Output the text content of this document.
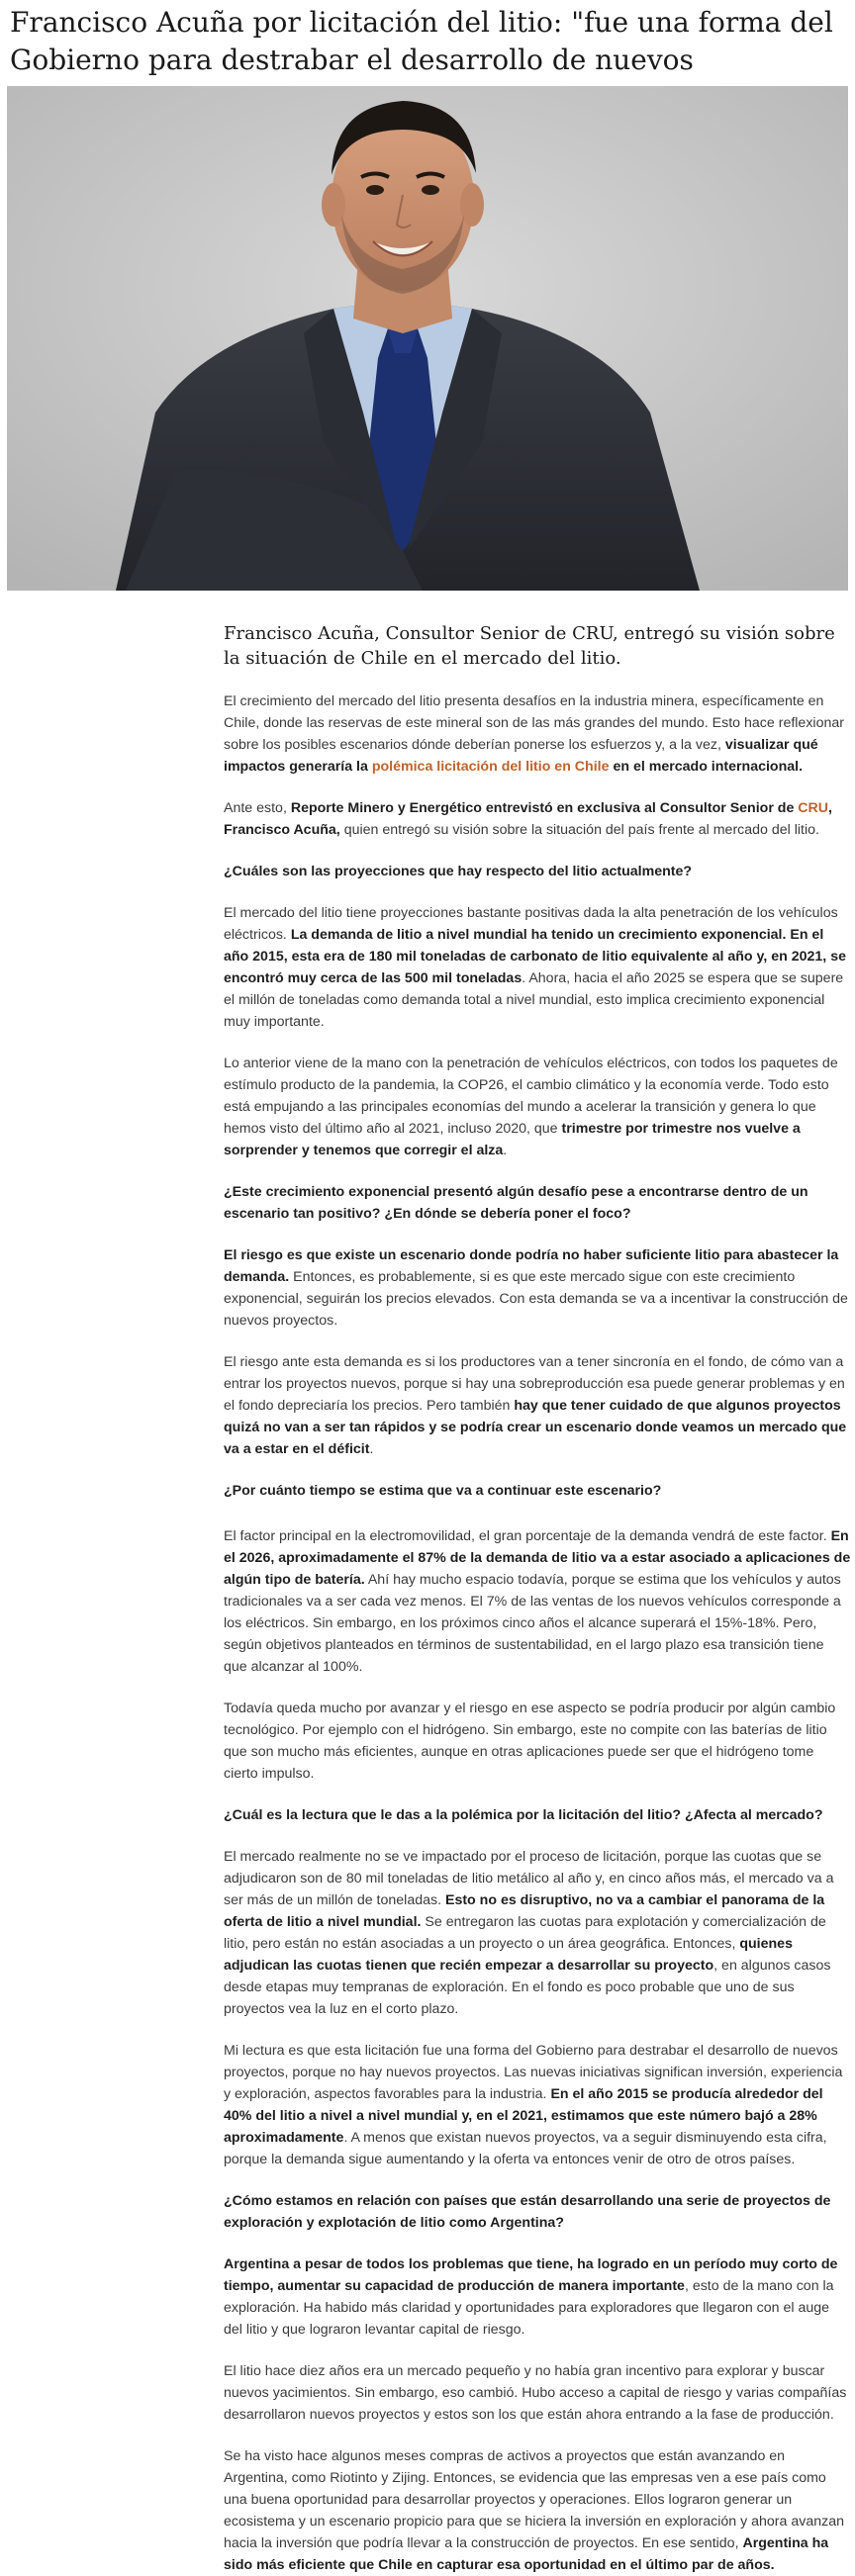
Francisco Acuña por licitación del litio: "fue una forma del Gobierno para destrabar el desarrollo de nuevos

Francisco Acuña, Consultor Senior de CRU, entregó su visión sobre la situación de Chile en el mercado del litio.

El crecimiento del mercado del litio presenta desafíos en la industria minera, específicamente en Chile, donde las reservas de este mineral son de las más grandes del mundo. Esto hace reflexionar sobre los posibles escenarios dónde deberían ponerse los esfuerzos y, a la vez, visualizar qué impactos generaría la polémica licitación del litio en Chile en el mercado internacional.

Ante esto, Reporte Minero y Energético entrevistó en exclusiva al Consultor Senior de CRU, Francisco Acuña, quien entregó su visión sobre la situación del país frente al mercado del litio.

¿Cuáles son las proyecciones que hay respecto del litio actualmente?

El mercado del litio tiene proyecciones bastante positivas dada la alta penetración de los vehículos eléctricos. La demanda de litio a nivel mundial ha tenido un crecimiento exponencial. En el año 2015, esta era de 180 mil toneladas de carbonato de litio equivalente al año y, en 2021, se encontró muy cerca de las 500 mil toneladas. Ahora, hacia el año 2025 se espera que se supere el millón de toneladas como demanda total a nivel mundial, esto implica crecimiento exponencial muy importante.

Lo anterior viene de la mano con la penetración de vehículos eléctricos, con todos los paquetes de estímulo producto de la pandemia, la COP26, el cambio climático y la economía verde. Todo esto está empujando a las principales economías del mundo a acelerar la transición y genera lo que hemos visto del último año al 2021, incluso 2020, que trimestre por trimestre nos vuelve a sorprender y tenemos que corregir el alza.

¿Este crecimiento exponencial presentó algún desafío pese a encontrarse dentro de un escenario tan positivo? ¿En dónde se debería poner el foco?

El riesgo es que existe un escenario donde podría no haber suficiente litio para abastecer la demanda. Entonces, es probablemente, si es que este mercado sigue con este crecimiento exponencial, seguirán los precios elevados. Con esta demanda se va a incentivar la construcción de nuevos proyectos.

El riesgo ante esta demanda es si los productores van a tener sincronía en el fondo, de cómo van a entrar los proyectos nuevos, porque si hay una sobreproducción esa puede generar problemas y en el fondo depreciaría los precios. Pero también hay que tener cuidado de que algunos proyectos quizá no van a ser tan rápidos y se podría crear un escenario donde veamos un mercado que va a estar en el déficit.

¿Por cuánto tiempo se estima que va a continuar este escenario?

El factor principal en la electromovilidad, el gran porcentaje de la demanda vendrá de este factor. En el 2026, aproximadamente el 87% de la demanda de litio va a estar asociado a aplicaciones de algún tipo de batería. Ahí hay mucho espacio todavía, porque se estima que los vehículos y autos tradicionales va a ser cada vez menos. El 7% de las ventas de los nuevos vehículos corresponde a los eléctricos. Sin embargo, en los próximos cinco años el alcance superará el 15%-18%. Pero, según objetivos planteados en términos de sustentabilidad, en el largo plazo esa transición tiene que alcanzar al 100%.

Todavía queda mucho por avanzar y el riesgo en ese aspecto se podría producir por algún cambio tecnológico. Por ejemplo con el hidrógeno. Sin embargo, este no compite con las baterías de litio que son mucho más eficientes, aunque en otras aplicaciones puede ser que el hidrógeno tome cierto impulso.

¿Cuál es la lectura que le das a la polémica por la licitación del litio? ¿Afecta al mercado?

El mercado realmente no se ve impactado por el proceso de licitación, porque las cuotas que se adjudicaron son de 80 mil toneladas de litio metálico al año y, en cinco años más, el mercado va a ser más de un millón de toneladas. Esto no es disruptivo, no va a cambiar el panorama de la oferta de litio a nivel mundial. Se entregaron las cuotas para explotación y comercialización de litio, pero están no están asociadas a un proyecto o un área geográfica. Entonces, quienes adjudican las cuotas tienen que recién empezar a desarrollar su proyecto, en algunos casos desde etapas muy tempranas de exploración. En el fondo es poco probable que uno de sus proyectos vea la luz en el corto plazo.

Mi lectura es que esta licitación fue una forma del Gobierno para destrabar el desarrollo de nuevos proyectos, porque no hay nuevos proyectos. Las nuevas iniciativas significan inversión, experiencia y exploración, aspectos favorables para la industria. En el año 2015 se producía alrededor del 40% del litio a nivel a nivel mundial y, en el 2021, estimamos que este número bajó a 28% aproximadamente. A menos que existan nuevos proyectos, va a seguir disminuyendo esta cifra, porque la demanda sigue aumentando y la oferta va entonces venir de otro de otros países.

¿Cómo estamos en relación con países que están desarrollando una serie de proyectos de exploración y explotación de litio como Argentina?

Argentina a pesar de todos los problemas que tiene, ha logrado en un período muy corto de tiempo, aumentar su capacidad de producción de manera importante, esto de la mano con la exploración. Ha habido más claridad y oportunidades para exploradores que llegaron con el auge del litio y que lograron levantar capital de riesgo.

El litio hace diez años era un mercado pequeño y no había gran incentivo para explorar y buscar nuevos yacimientos. Sin embargo, eso cambió. Hubo acceso a capital de riesgo y varias compañías desarrollaron nuevos proyectos y estos son los que están ahora entrando a la fase de producción.

Se ha visto hace algunos meses compras de activos a proyectos que están avanzando en Argentina, como Riotinto y Zijing. Entonces, se evidencia que las empresas ven a ese país como una buena oportunidad para desarrollar proyectos y operaciones. Ellos lograron generar un ecosistema y un escenario propicio para que se hiciera la inversión en exploración y ahora avanzan hacia la inversión que podría llevar a la construcción de proyectos. En ese sentido, Argentina ha sido más eficiente que Chile en capturar esa oportunidad en el último par de años.
